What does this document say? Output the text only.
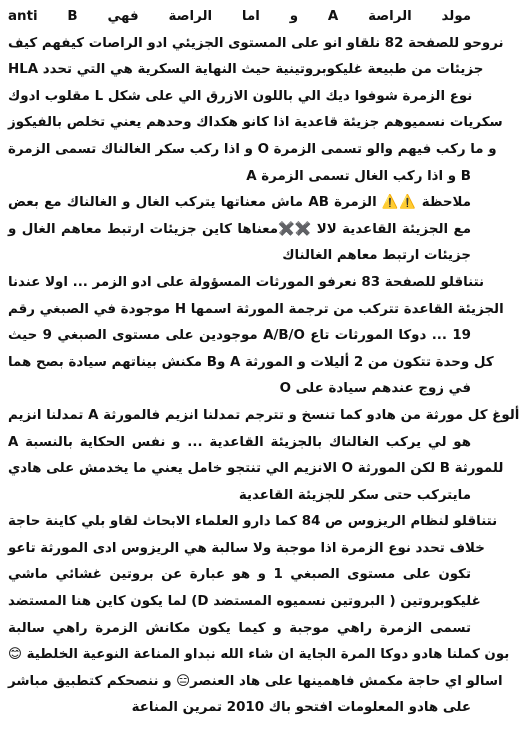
مولد الراصة A و اما الراصة فهي anti B
نروحو للصفحة 82 نلقاو انو على المستوى الجزيئي ادو الراصات كيفهم كيف
HLA جزيئات من طبيعة غليكوبروتينية حيث النهاية السكرية هي التي تحدد
نوع الزمرة شوفوا ديك الي باللون الازرق الي على شكل L مقلوب ادوك
سكريات نسميوهم جزيئة قاعدية اذا كانو هكداك وحدهم يعني تخلص بالفيكوز
و ما ركب فيهم والو تسمى الزمرة O و اذا ركب سكر الغالناك تسمى الزمرة
A و اذا ركب الغال تسمى الزمرة B
ملاحظة ⚠️⚠️ الزمرة AB ماش معناتها يتركب الغال و الغالناك مع بعض
مع الجزيئة القاعدية لالا ✖️✖️معناها كاين جزيئات ارتبط معاهم الغال و
جزيئات ارتبط معاهم الغالناك
نتناقلو للصفحة 83 نعرفو المورثات المسؤولة على ادو الزمر ... اولا عندنا
الجزيئة القاعدة تتركب من ترجمة المورثة اسمها H موجودة في الصبغي رقم
19 ... دوكا المورثات تاع A/B/O موجودين على مستوى الصبغي 9 حيث
كل وحدة تتكون من 2 أليلات و المورثة A وB مكنش بيناتهم سيادة بصح هما
في زوج عندهم سيادة على O
ألوغ كل مورثة من هادو كما تنسخ و تترجم تمدلنا انزيم فالمورثة A تمدلنا انزيم
A هو لي يركب الغالناك بالجزيئة القاعدية ... و نفس الحكاية بالنسبة
للمورثة B لكن المورثة O الانزيم الي تنتجو خامل يعني ما يخدمش على هادي
مايتركب حتى سكر للجزيئة القاعدية
نتناقلو لنظام الريزوس ص 84 كما دارو العلماء الابحاث لقاو بلي كاينة حاجة
خلاف تحدد نوع الزمرة اذا موجبة ولا سالبة هي الريزوس ادى المورثة تاعو
تكون على مستوى الصبغي 1 و هو عبارة عن بروتين غشائي ماشي
غليكوبروتين ( البروتين نسميوه المستضد D) لما يكون كاين هنا المستضد
تسمى الزمرة راهي موجبة و كيما يكون مكانش الزمرة راهي سالبة
بون كملنا هادو دوكا المرة الجاية ان شاء الله نبداو المناعة النوعية الخلطية 😊
اسالو اي حاجة مكمش فاهمينها على هاد العنصر😑 و ننصحكم كتطبيق مباشر
على هادو المعلومات افتحو باك 2010 تمرين المناعة
